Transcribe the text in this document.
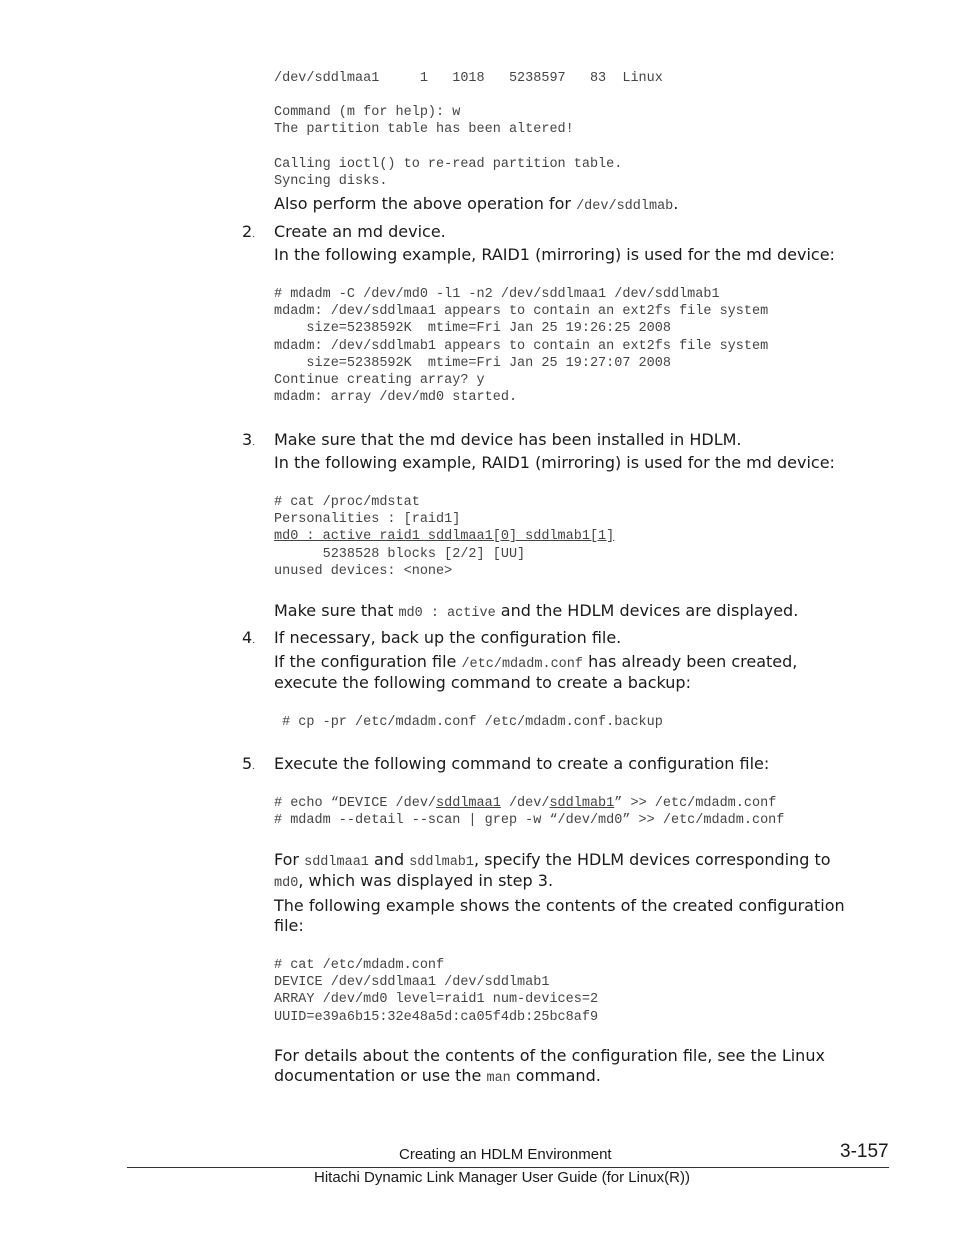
/dev/sddlmaa1     1   1018   5238597   83  Linux
Command (m for help): w
The partition table has been altered!
Calling ioctl() to re-read partition table.
Syncing disks.
Also perform the above operation for /dev/sddlmab.
2. Create an md device.
In the following example, RAID1 (mirroring) is used for the md device:
# mdadm -C /dev/md0 -l1 -n2 /dev/sddlmaa1 /dev/sddlmab1
mdadm: /dev/sddlmaa1 appears to contain an ext2fs file system
size=5238592K  mtime=Fri Jan 25 19:26:25 2008
mdadm: /dev/sddlmab1 appears to contain an ext2fs file system
size=5238592K  mtime=Fri Jan 25 19:27:07 2008
Continue creating array? y
mdadm: array /dev/md0 started.
3. Make sure that the md device has been installed in HDLM.
In the following example, RAID1 (mirroring) is used for the md device:
# cat /proc/mdstat
Personalities : [raid1]
md0 : active raid1 sddlmaa1[0] sddlmab1[1]
5238528 blocks [2/2] [UU]
unused devices: <none>
Make sure that md0 : active and the HDLM devices are displayed.
4. If necessary, back up the configuration file.
If the configuration file /etc/mdadm.conf has already been created,
execute the following command to create a backup:
# cp -pr /etc/mdadm.conf /etc/mdadm.conf.backup
5. Execute the following command to create a configuration file:
# echo “DEVICE /dev/sddlmaa1 /dev/sddlmab1” >> /etc/mdadm.conf
# mdadm --detail --scan | grep -w “/dev/md0” >> /etc/mdadm.conf
For sddlmaa1 and sddlmab1, specify the HDLM devices corresponding to
md0, which was displayed in step 3.
The following example shows the contents of the created configuration
file:
# cat /etc/mdadm.conf
DEVICE /dev/sddlmaa1 /dev/sddlmab1
ARRAY /dev/md0 level=raid1 num-devices=2
UUID=e39a6b15:32e48a5d:ca05f4db:25bc8af9
For details about the contents of the configuration file, see the Linux
documentation or use the man command.
Creating an HDLM Environment	3-157
Hitachi Dynamic Link Manager User Guide (for Linux(R))
